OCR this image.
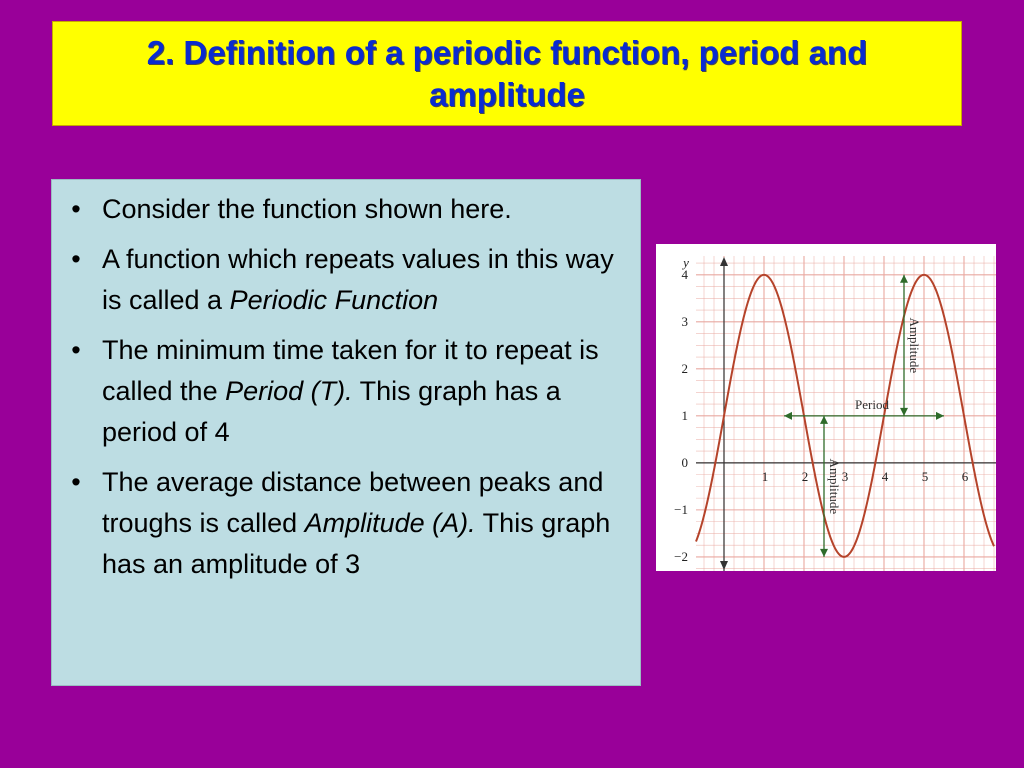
2. Definition of a periodic function, period and
amplitude
• Consider the function shown here.
• A function which repeats values in this way is called a Periodic Function
• The minimum time taken for it to repeat is called the Period (T). This graph has a period of 4
• The average distance between peaks and troughs is called Amplitude (A). This graph has an amplitude of 3
Period
Amplitude
Amplitude
1	2	3	4	5	6
4
3
2
1
0
−1
−2
y
